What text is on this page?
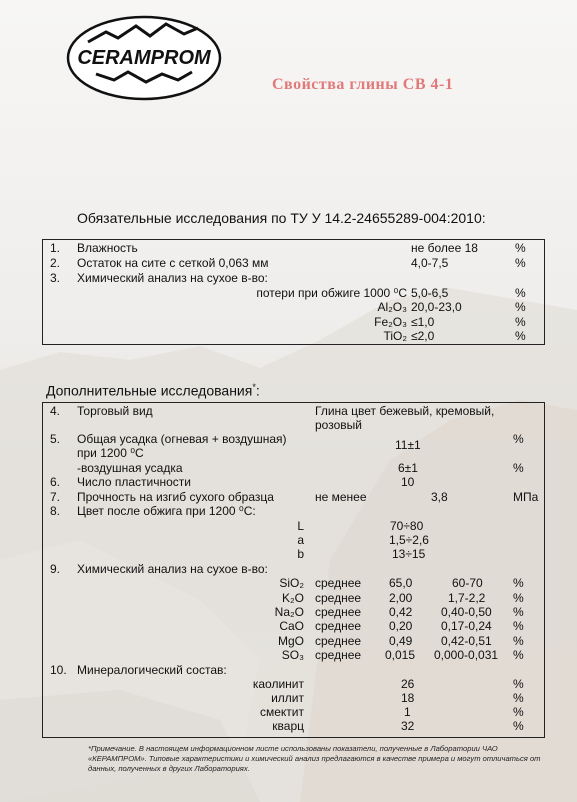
CERAMPROM
Свойства глины СВ 4-1
Обязательные исследования по ТУ У 14.2-24655289-004:2010:
1. Влажность	не более 18	%
2. Остаток на сите с сеткой 0,063 мм	4,0-7,5	%
3. Химический анализ на сухое в-во:
потери при обжиге 1000 ⁰С 5,0-6,5	%
Al₂O₃ 20,0-23,0	%
Fe₂O₃ ≤1,0	%
TiO₂ ≤2,0	%
Дополнительные исследования*:
4. Торговый вид	Глина цвет бежевый, кремовый,
розовый
5. Общая усадка (огневая + воздушная)
при 1200 ⁰С
11±1	%
-воздушная усадка	6±1	%
6. Число пластичности	10
7. Прочность на изгиб сухого образца	не менее	3,8	МПа
8. Цвет после обжига при 1200 ⁰С:
L	70÷80
a	1,5÷2,6
b	13÷15
9. Химический анализ на сухое в-во:
SiO₂ среднее 65,0	60-70	%
K₂O среднее 2,00	1,7-2,2 %
Na₂O среднее 0,42 0,40-0,50 %
CaO среднее 0,20 0,17-0,24 %
MgO среднее 0,49 0,42-0,51 %
SO₃ среднее 0,015 0,000-0,031 %
10. Минералогический состав:
каолинит	26	%
иллит	18	%
смектит	1	%
кварц	32	%
*Примечание. В настоящем информационном листе использованы показатели, полученные в Лаборатории ЧАО «КЕРАМПРОМ». Типовые характеристики и химический анализ предлагаются в качестве примера и могут отличаться от данных, полученных в других Лабораториях.
